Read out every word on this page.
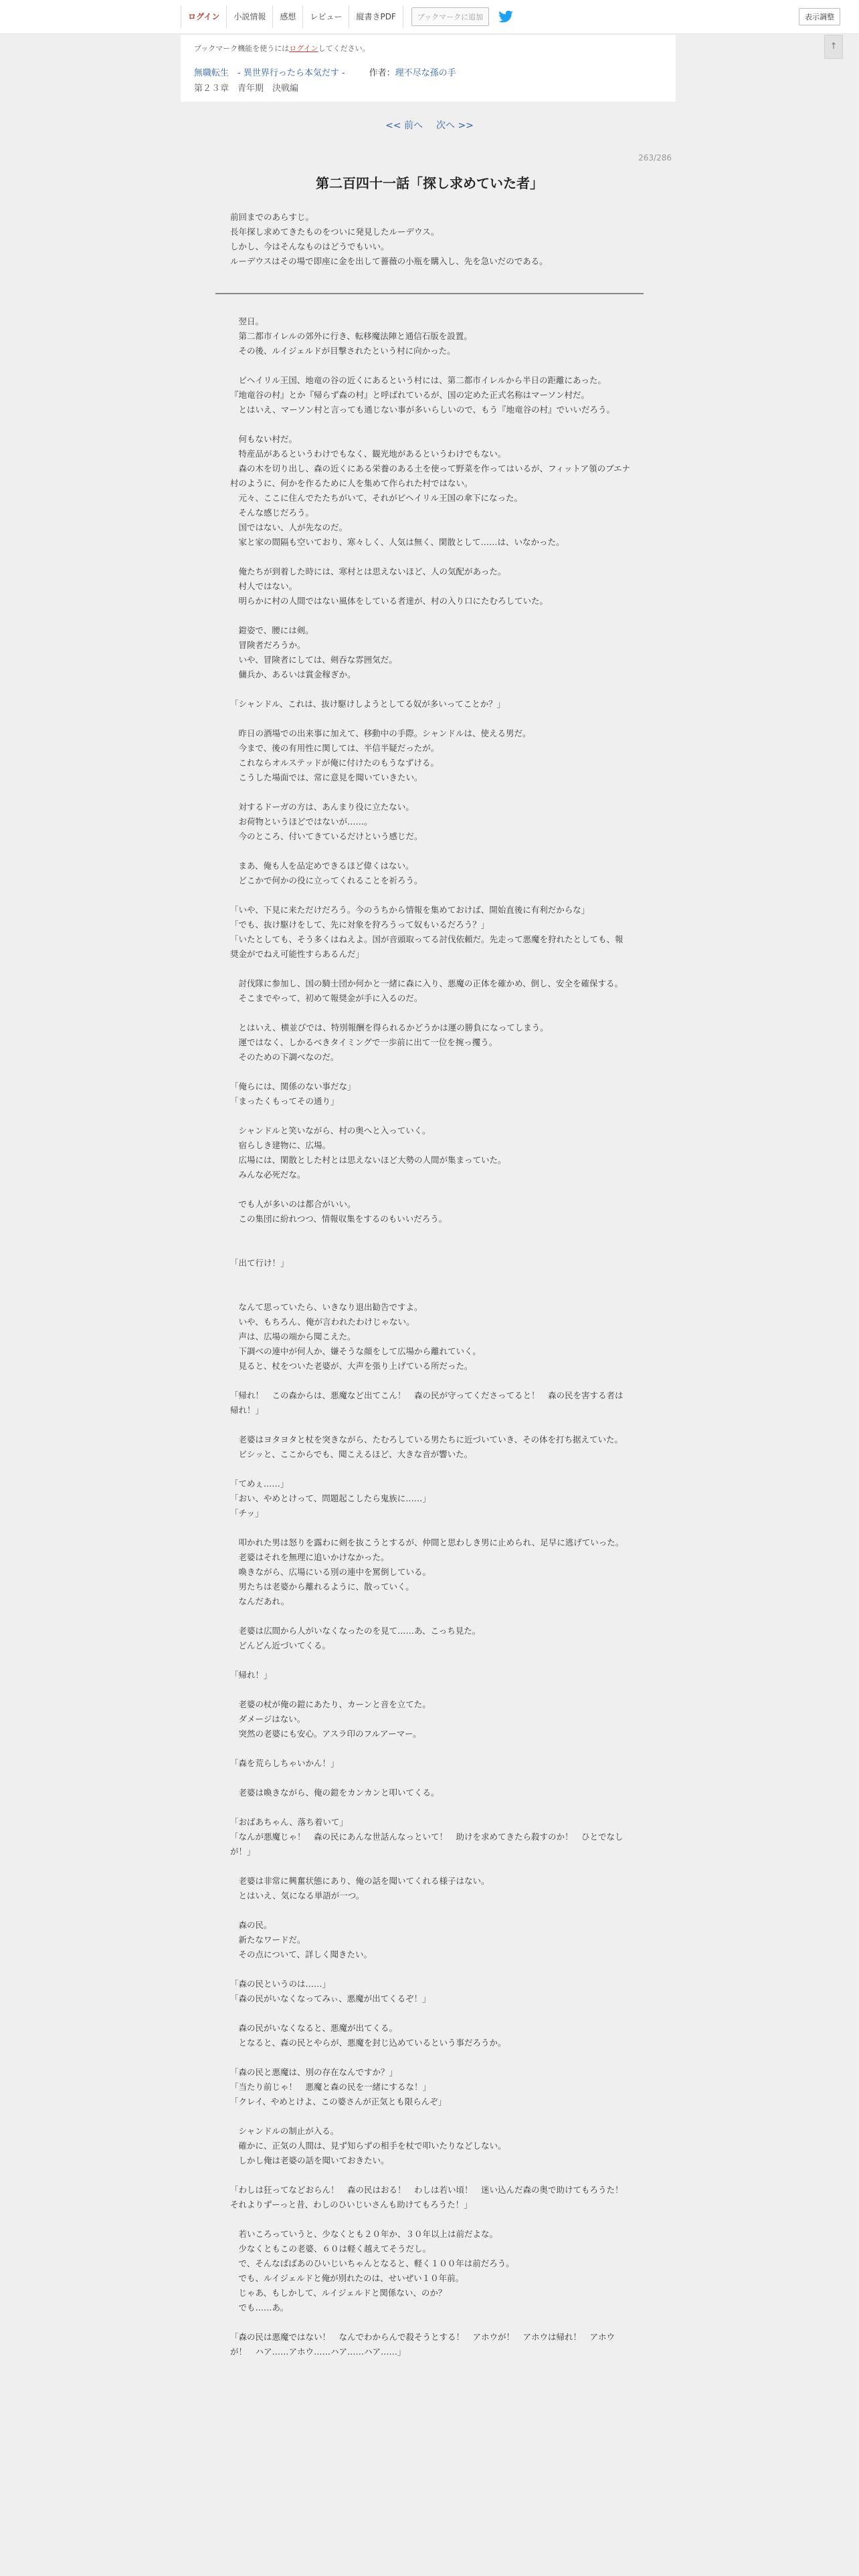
ログイン	小説情報	感想	レビュー	縦書きPDF	ブックマークに追加	表示調整
↑

ブックマーク機能を使うにはログインしてください。

無職転生　- 異世界行ったら本気だす -	作者：理不尽な孫の手

第２３章　青年期　決戦編

<< 前へ 次へ >>
263/286
第二百四十一話「探し求めていた者」

前回までのあらすじ。

長年探し求めてきたものをついに発見したルーデウス。

しかし、今はそんなものはどうでもいい。

ルーデウスはその場で即座に金を出して薔薇の小瓶を購入し、先を急いだのである。

　翌日。

　第二都市イレルの郊外に行き、転移魔法陣と通信石版を設置。

　その後、ルイジェルドが目撃されたという村に向かった。

　ビヘイリル王国、地竜の谷の近くにあるという村には、第二都市イレルから半日の距離にあった。

『地竜谷の村』とか『帰らず森の村』と呼ばれているが、国の定めた正式名称はマーソン村だ。

　とはいえ、マーソン村と言っても通じない事が多いらしいので、もう『地竜谷の村』でいいだろう。

　何もない村だ。

　特産品があるというわけでもなく、観光地があるというわけでもない。

　森の木を切り出し、森の近くにある栄養のある土を使って野菜を作ってはいるが、フィットア領のブエナ村のように、何かを作るために人を集めて作られた村ではない。

　元々、ここに住んでたたちがいて、それがビヘイリル王国の傘下になった。

　そんな感じだろう。

　国ではない、人が先なのだ。

　家と家の間隔も空いており、寒々しく、人気は無く、閑散として……は、いなかった。

　俺たちが到着した時には、寒村とは思えないほど、人の気配があった。

　村人ではない。

　明らかに村の人間ではない風体をしている者達が、村の入り口にたむろしていた。

　鎧姿で、腰には剣。

　冒険者だろうか。

　いや、冒険者にしては、剣吞な雰囲気だ。

　傭兵か、あるいは賞金稼ぎか。

「シャンドル、これは、抜け駆けしようとしてる奴が多いってことか？」

　昨日の酒場での出来事に加えて、移動中の手際。シャンドルは、使える男だ。

　今まで、後の有用性に関しては、半信半疑だったが。

　これならオルステッドが俺に付けたのもうなずける。

　こうした場面では、常に意見を聞いていきたい。

　対するドーガの方は、あんまり役に立たない。

　お荷物というほどではないが……。

　今のところ、付いてきているだけという感じだ。

　まあ、俺も人を品定めできるほど偉くはない。

　どこかで何かの役に立ってくれることを祈ろう。

「いや、下見に来ただけだろう。今のうちから情報を集めておけば、開始直後に有利だからな」

「でも、抜け駆けをして、先に対象を狩ろうって奴もいるだろう？」

「いたとしても、そう多くはねえよ。国が音頭取ってる討伐依頼だ。先走って悪魔を狩れたとしても、報奨金がでねえ可能性すらあるんだ」

　討伐隊に参加し、国の騎士団か何かと一緒に森に入り、悪魔の正体を確かめ、倒し、安全を確保する。

　そこまでやって、初めて報奨金が手に入るのだ。

　とはいえ、横並びでは、特別報酬を得られるかどうかは運の勝負になってしまう。

　運ではなく、しかるべきタイミングで一歩前に出て一位を捥っ攫う。

　そのための下調べなのだ。

「俺らには、関係のない事だな」

「まったくもってその通り」

　シャンドルと笑いながら、村の奥へと入っていく。

　宿らしき建物に、広場。

　広場には、閑散とした村とは思えないほど大勢の人間が集まっていた。

　みんな必死だな。

　でも人が多いのは都合がいい。

　この集団に紛れつつ、情報収集をするのもいいだろう。

「出て行け！」

　なんて思っていたら、いきなり退出勧告ですよ。

　いや、もちろん、俺が言われたわけじゃない。

　声は、広場の端から聞こえた。

　下調べの連中が何人か、嫌そうな顔をして広場から離れていく。

　見ると、杖をついた老婆が、大声を張り上げている所だった。

「帰れ！　この森からは、悪魔など出てこん！　森の民が守ってくださってると！　森の民を害する者は帰れ！」

　老婆はヨタヨタと杖を突きながら、たむろしている男たちに近づいていき、その体を打ち据えていた。

　ビシッと、ここからでも、聞こえるほど、大きな音が響いた。

「てめぇ……」

「おい、やめとけって、問題起こしたら鬼族に……」

「チッ」

　叩かれた男は怒りを露わに剣を抜こうとするが、仲間と思わしき男に止められ、足早に逃げていった。

　老婆はそれを無理に追いかけなかった。

　喚きながら、広場にいる別の連中を罵倒している。

　男たちは老婆から離れるように、散っていく。

　なんだあれ。

　老婆は広間から人がいなくなったのを見て……あ、こっち見た。

　どんどん近づいてくる。

「帰れ！」

　老婆の杖が俺の鎧にあたり、カーンと音を立てた。

　ダメージはない。

　突然の老婆にも安心。アスラ印のフルアーマー。

「森を荒らしちゃいかん！」

　老婆は喚きながら、俺の鎧をカンカンと叩いてくる。

「おばあちゃん、落ち着いて」

「なんが悪魔じゃ！　森の民にあんな世話んなっといて！　助けを求めてきたら殺すのか！　ひとでなしが！」

　老婆は非常に興奮状態にあり、俺の話を聞いてくれる様子はない。

　とはいえ、気になる単語が一つ。

　森の民。

　新たなワードだ。

　その点について、詳しく聞きたい。

「森の民というのは……」

「森の民がいなくなってみぃ、悪魔が出てくるぞ！」

　森の民がいなくなると、悪魔が出てくる。

　となると、森の民とやらが、悪魔を封じ込めているという事だろうか。

「森の民と悪魔は、別の存在なんですか？」

「当たり前じゃ！　悪魔と森の民を一緒にするな！」

「クレイ、やめとけよ、この婆さんが正気とも限らんぞ」

　シャンドルの制止が入る。

　確かに、正気の人間は、見ず知らずの相手を杖で叩いたりなどしない。

　しかし俺は老婆の話を聞いておきたい。

「わしは狂ってなどおらん！　森の民はおる！　わしは若い頃！　迷い込んだ森の奥で助けてもろうた！　それよりずーっと昔、わしのひいじいさんも助けてもろうた！」

　若いころっていうと、少なくとも２０年か、３０年以上は前だよな。

　少なくともこの老婆、６０は軽く越えてそうだし。

　で、そんなばばあのひいじいちゃんとなると、軽く１００年は前だろう。

　でも、ルイジェルドと俺が別れたのは、せいぜい１０年前。

　じゃあ、もしかして、ルイジェルドと関係ない、のか？

　でも……あ。

「森の民は悪魔ではない！　なんでわからんで殺そうとする！　アホウが！　アホウは帰れ！　アホウが！　ハア……アホウ……ハア……ハア……」
